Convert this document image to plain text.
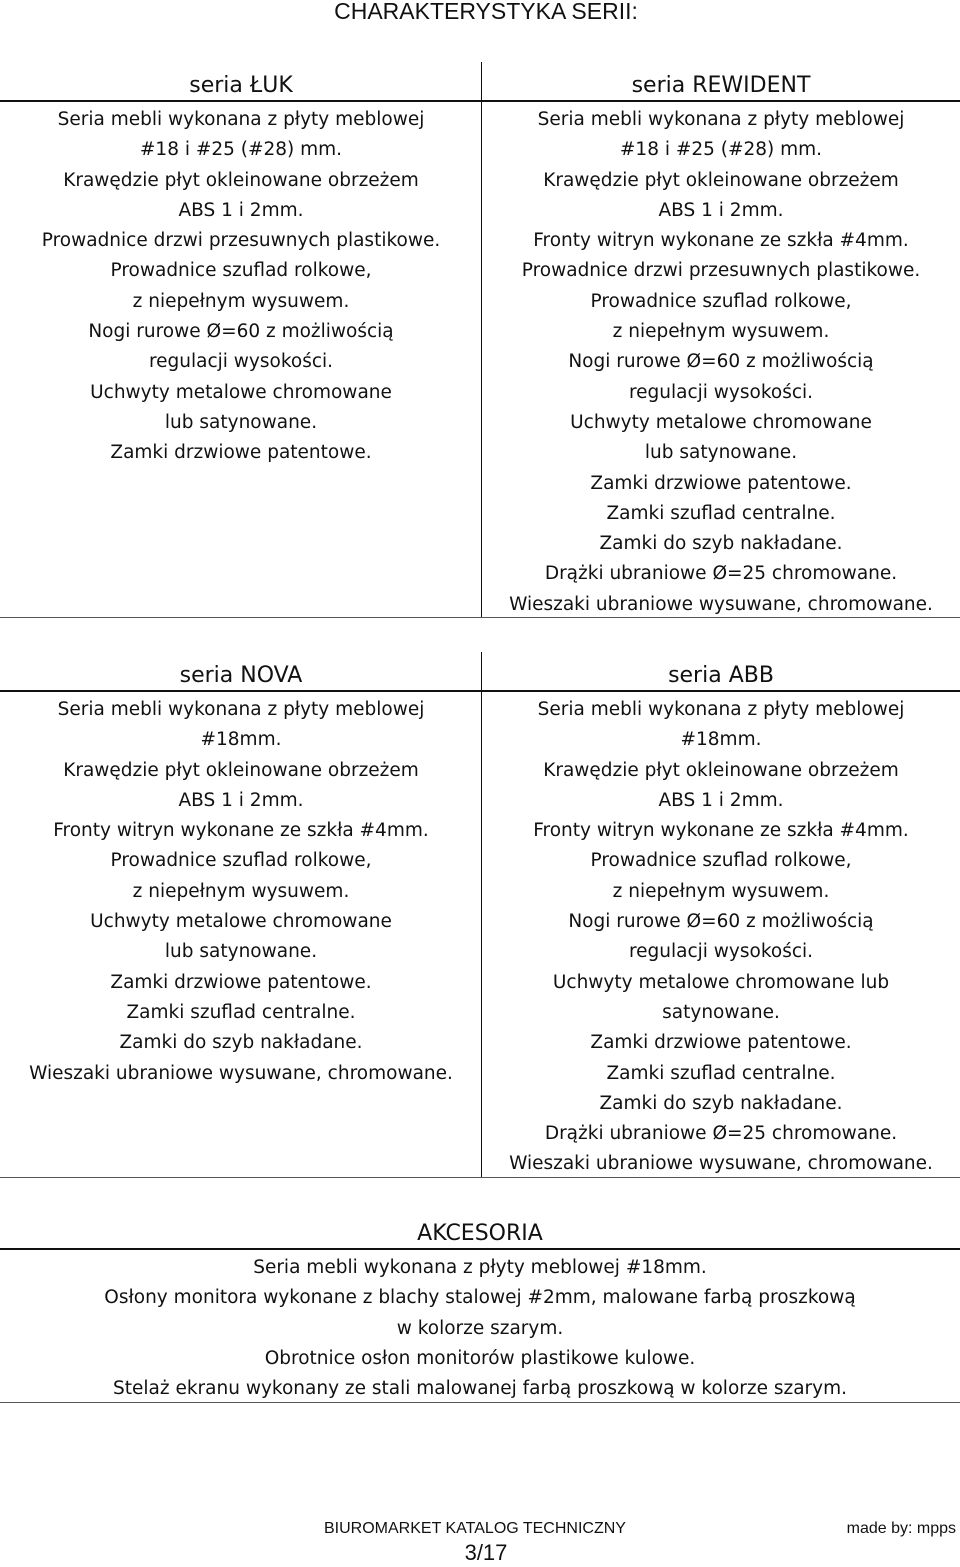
CHARAKTERYSTYKA SERII:
seria ŁUK
Seria mebli wykonana z płyty meblowej
#18 i #25 (#28) mm.
Krawędzie płyt okleinowane obrzeżem
ABS 1 i 2mm.
Prowadnice drzwi przesuwnych plastikowe.
Prowadnice szuflad rolkowe,
z niepełnym wysuwem.
Nogi rurowe Ø=60 z możliwością
regulacji wysokości.
Uchwyty metalowe chromowane
lub satynowane.
Zamki drzwiowe patentowe.
seria REWIDENT
Seria mebli wykonana z płyty meblowej
#18 i #25 (#28) mm.
Krawędzie płyt okleinowane obrzeżem
ABS 1 i 2mm.
Fronty witryn wykonane ze szkła #4mm.
Prowadnice drzwi przesuwnych plastikowe.
Prowadnice szuflad rolkowe,
z niepełnym wysuwem.
Nogi rurowe Ø=60 z możliwością
regulacji wysokości.
Uchwyty metalowe chromowane
lub satynowane.
Zamki drzwiowe patentowe.
Zamki szuflad centralne.
Zamki do szyb nakładane.
Drążki ubraniowe Ø=25 chromowane.
Wieszaki ubraniowe wysuwane, chromowane.
seria NOVA
Seria mebli wykonana z płyty meblowej
#18mm.
Krawędzie płyt okleinowane obrzeżem
ABS 1 i 2mm.
Fronty witryn wykonane ze szkła #4mm.
Prowadnice szuflad rolkowe,
z niepełnym wysuwem.
Uchwyty metalowe chromowane
lub satynowane.
Zamki drzwiowe patentowe.
Zamki szuflad centralne.
Zamki do szyb nakładane.
Wieszaki ubraniowe wysuwane, chromowane.
seria ABB
Seria mebli wykonana z płyty meblowej
#18mm.
Krawędzie płyt okleinowane obrzeżem
ABS 1 i 2mm.
Fronty witryn wykonane ze szkła #4mm.
Prowadnice szuflad rolkowe,
z niepełnym wysuwem.
Nogi rurowe Ø=60 z możliwością
regulacji wysokości.
Uchwyty metalowe chromowane lub
satynowane.
Zamki drzwiowe patentowe.
Zamki szuflad centralne.
Zamki do szyb nakładane.
Drążki ubraniowe Ø=25 chromowane.
Wieszaki ubraniowe wysuwane, chromowane.
AKCESORIA
Seria mebli wykonana z płyty meblowej #18mm.
Osłony monitora wykonane z blachy stalowej #2mm, malowane farbą proszkową
w kolorze szarym.
Obrotnice osłon monitorów plastikowe kulowe.
Stelaż ekranu wykonany ze stali malowanej farbą proszkową w kolorze szarym.
BIUROMARKET KATALOG TECHNICZNY	made by: mpps
3/17
